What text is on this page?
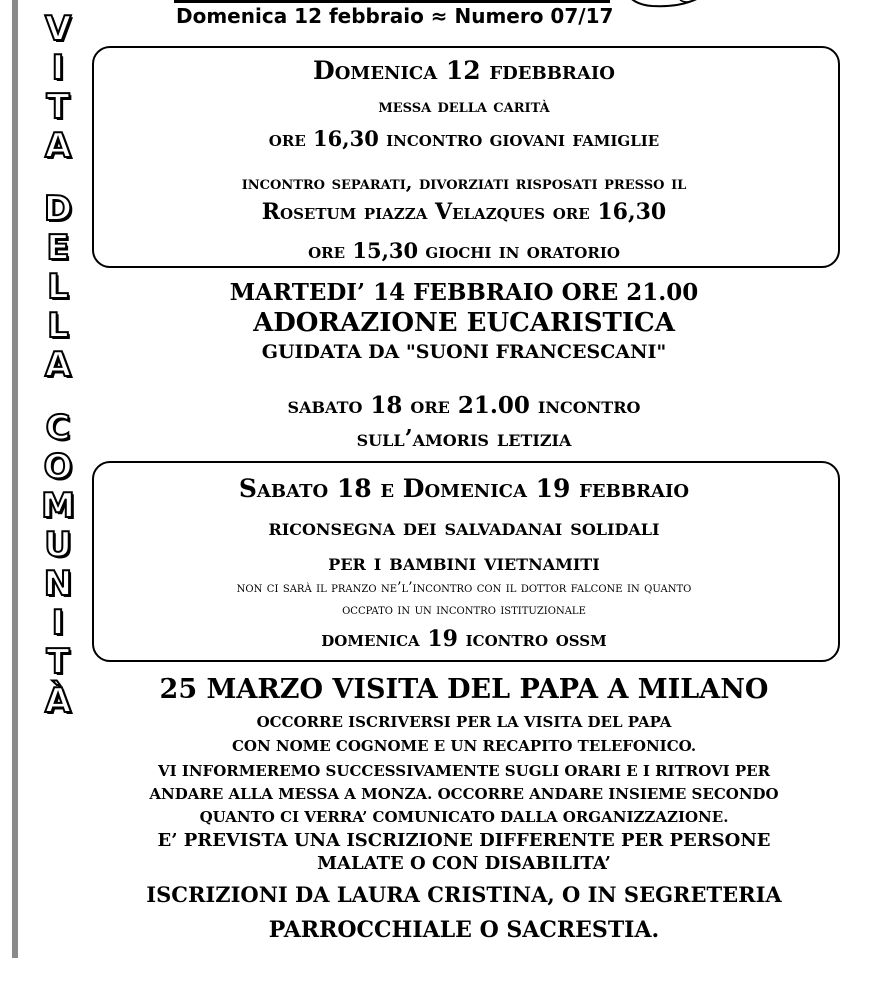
V
I
T
A
D
E
L
L
A
C
O
M
U
N
I
T
À
Domenica 12 febbraio ≈ Numero 07/17
Domenica 12 fdebbraio
messa della carità
ore 16,30 incontro giovani famiglie
incontro separati, divorziati risposati presso il
Rosetum piazza Velazques ore 16,30
ore 15,30 giochi in oratorio
MARTEDI’ 14 FEBBRAIO ORE 21.00
ADORAZIONE EUCARISTICA
GUIDATA DA "SUONI FRANCESCANI"
sabato 18 ore 21.00 incontro
sull’amoris letizia
Sabato 18 e Domenica 19 febbraio
riconsegna dei salvadanai solidali
per i bambini vietnamiti
non ci sarà il pranzo ne’l’incontro con il dottor falcone in quanto
occpato in un incontro istituzionale
domenica 19 icontro ossm
25 MARZO VISITA DEL PAPA A MILANO
OCCORRE ISCRIVERSI PER LA VISITA DEL PAPA
CON NOME COGNOME E UN RECAPITO TELEFONICO.
VI INFORMEREMO SUCCESSIVAMENTE SUGLI ORARI E I RITROVI PER
ANDARE ALLA MESSA A MONZA. OCCORRE ANDARE INSIEME SECONDO
QUANTO CI VERRA’ COMUNICATO DALLA ORGANIZZAZIONE.
E’ PREVISTA UNA ISCRIZIONE DIFFERENTE PER PERSONE
MALATE O CON DISABILITA’
ISCRIZIONI DA LAURA CRISTINA, O IN SEGRETERIA
PARROCCHIALE O SACRESTIA.
